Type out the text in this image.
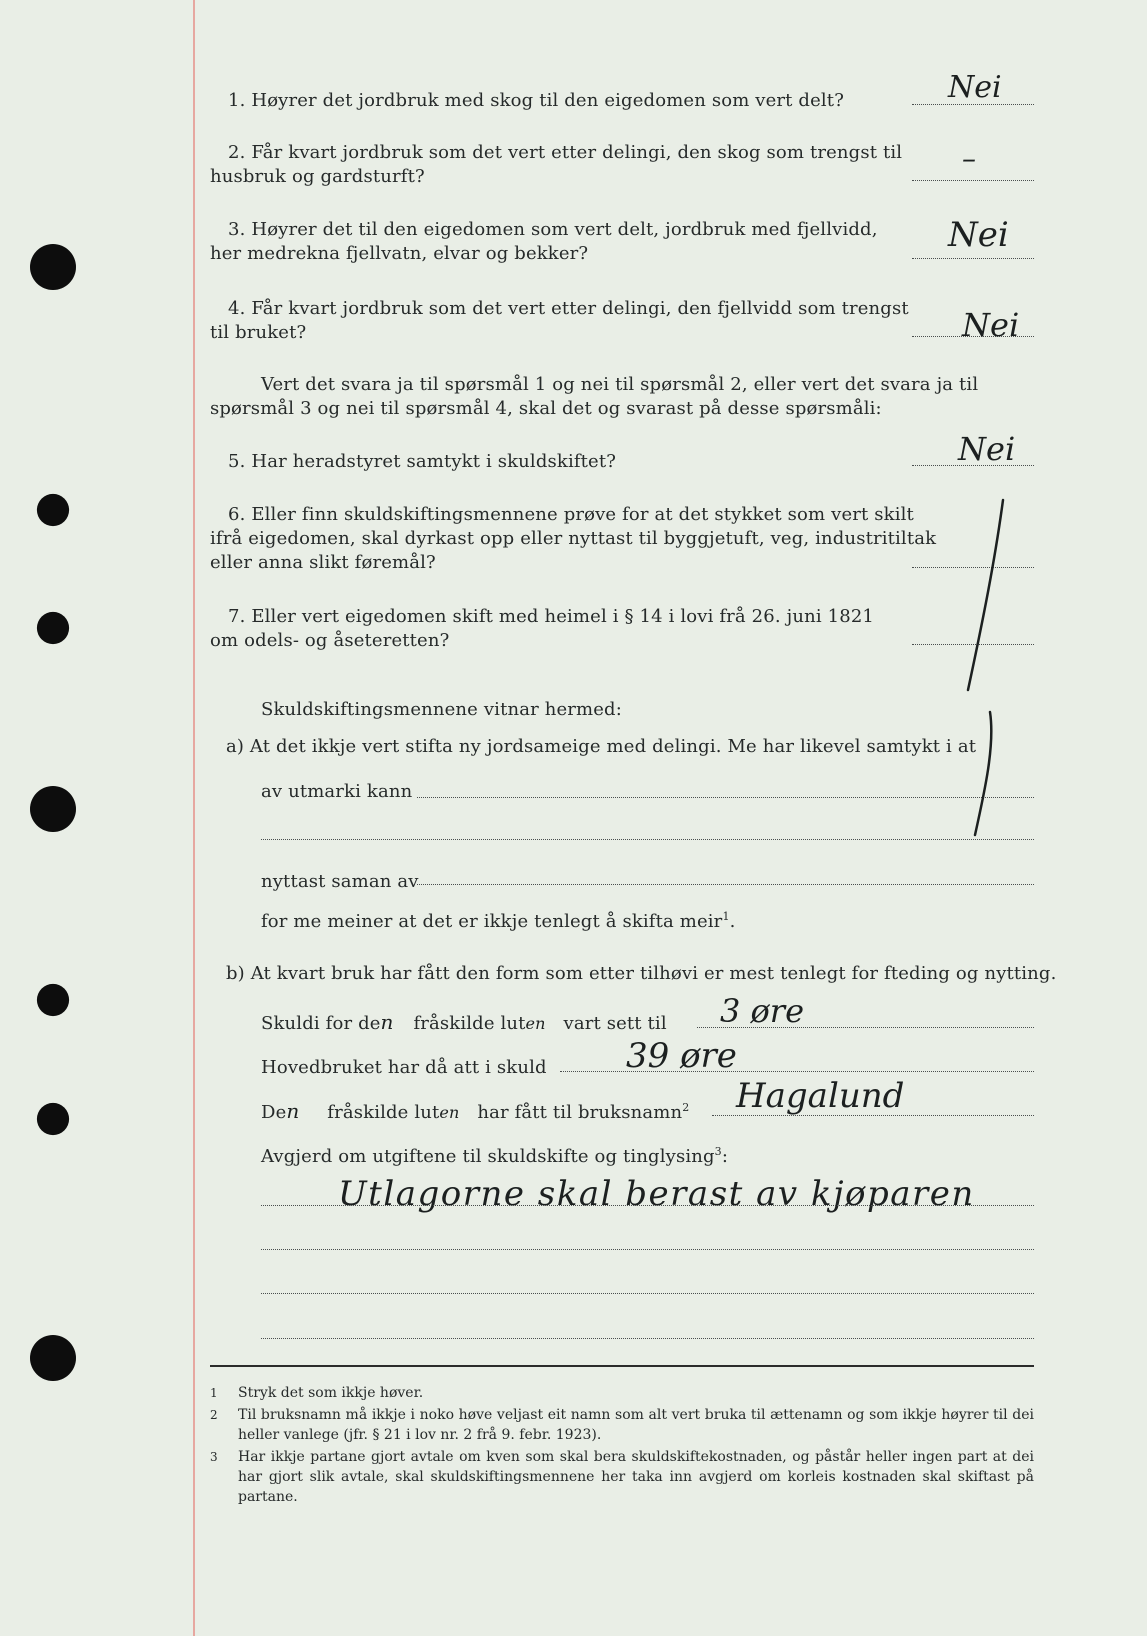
1. Høyrer det jordbruk med skog til den eigedomen som vert delt?	Nei
2. Får kvart jordbruk som det vert etter delingi, den skog som trengst til
husbruk og gardsturft?
–
3. Høyrer det til den eigedomen som vert delt, jordbruk med fjellvidd,
her medrekna fjellvatn, elvar og bekker?	Nei
4. Får kvart jordbruk som det vert etter delingi, den fjellvidd som trengst
til bruket?	Nei
Vert det svara ja til spørsmål 1 og nei til spørsmål 2, eller vert det svara ja til
spørsmål 3 og nei til spørsmål 4, skal det og svarast på desse spørsmåli:
5. Har heradstyret samtykt i skuldskiftet?	Nei
6. Eller finn skuldskiftingsmennene prøve for at det stykket som vert skilt
ifrå eigedomen, skal dyrkast opp eller nyttast til byggjetuft, veg, industritiltak
eller anna slikt føremål?
7. Eller vert eigedomen skift med heimel i § 14 i lovi frå 26. juni 1821
om odels- og åseteretten?
Skuldskiftingsmennene vitnar hermed:
a) At det ikkje vert stifta ny jordsameige med delingi. Me har likevel samtykt i at
av utmarki kann
nyttast saman av
for me meiner at det er ikkje tenlegt å skifta meir$^1$.
b) At kvart bruk har fått den form som etter tilhøvi er mest tenlegt for fteding og nytting.
Skuldi for den fråskilde luten vart sett til 3 øre
Hovedbruket har då att i skuld 39 øre
Den fråskilde luten har fått til bruksnamn$^2$ Hagalund
Avgjerd om utgiftene til skuldskifte og tinglysing$^3$:
Utlagorne skal berast av kjøparen
1 Stryk det som ikkje høver.
2 Til bruksnamn må ikkje i noko høve veljast eit namn som alt vert bruka til ættenamn og som ikkje høyrer til dei heller vanlege (jfr. § 21 i lov nr. 2 frå 9. febr. 1923).
3 Har ikkje partane gjort avtale om kven som skal bera skuldskiftekostnaden, og påstår heller ingen part at dei har gjort slik avtale, skal skuldskiftingsmennene her taka inn avgjerd om korleis kostnaden skal skiftast på partane.
